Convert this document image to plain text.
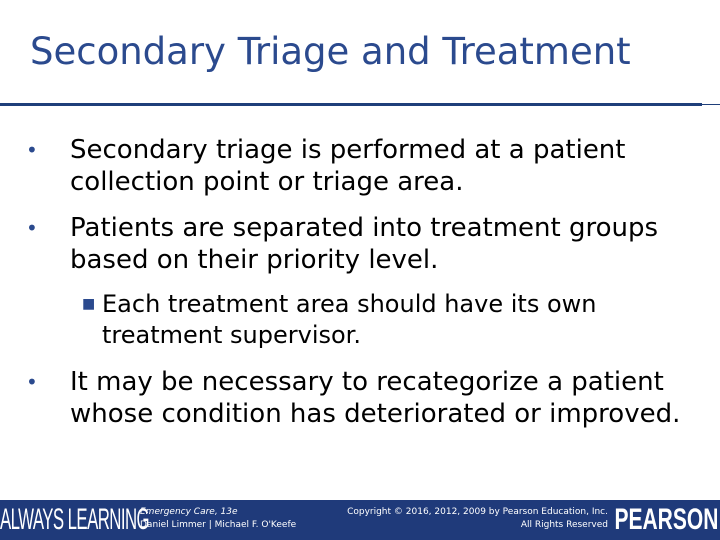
Secondary Triage and Treatment
• Secondary triage is performed at a patient collection point or triage area.
• Patients are separated into treatment groups based on their priority level.
■ Each treatment area should have its own treatment supervisor.
• It may be necessary to recategorize a patient whose condition has deteriorated or improved.
ALWAYS LEARNING
Emergency Care, 13e
Daniel Limmer | Michael F. O'Keefe
Copyright © 2016, 2012, 2009 by Pearson Education, Inc.
All Rights Reserved PEARSON
